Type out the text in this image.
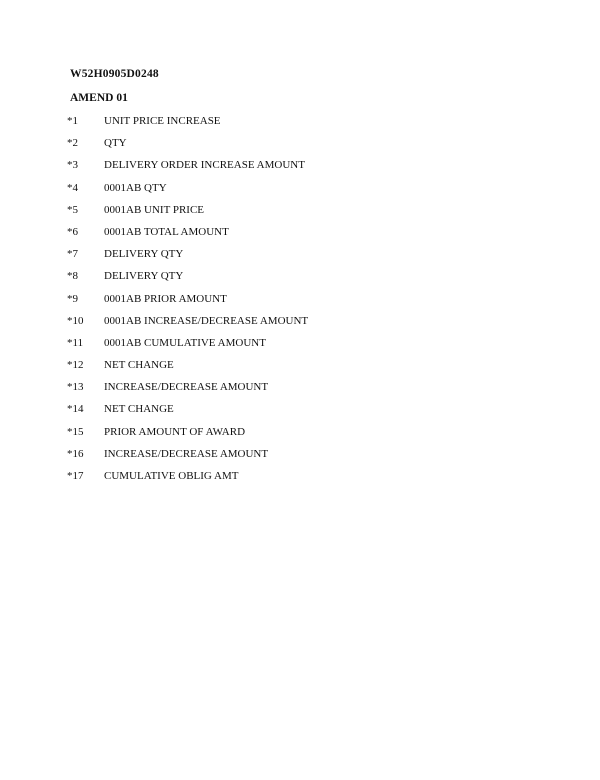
W52H0905D0248
AMEND 01
*1 UNIT PRICE INCREASE
*2 QTY
*3 DELIVERY ORDER INCREASE AMOUNT
*4 0001AB QTY
*5 0001AB UNIT PRICE
*6 0001AB TOTAL AMOUNT
*7 DELIVERY QTY
*8 DELIVERY QTY
*9 0001AB PRIOR AMOUNT
*10 0001AB INCREASE/DECREASE AMOUNT
*11 0001AB CUMULATIVE AMOUNT
*12 NET CHANGE
*13 INCREASE/DECREASE AMOUNT
*14 NET CHANGE
*15 PRIOR AMOUNT OF AWARD
*16 INCREASE/DECREASE AMOUNT
*17 CUMULATIVE OBLIG AMT
